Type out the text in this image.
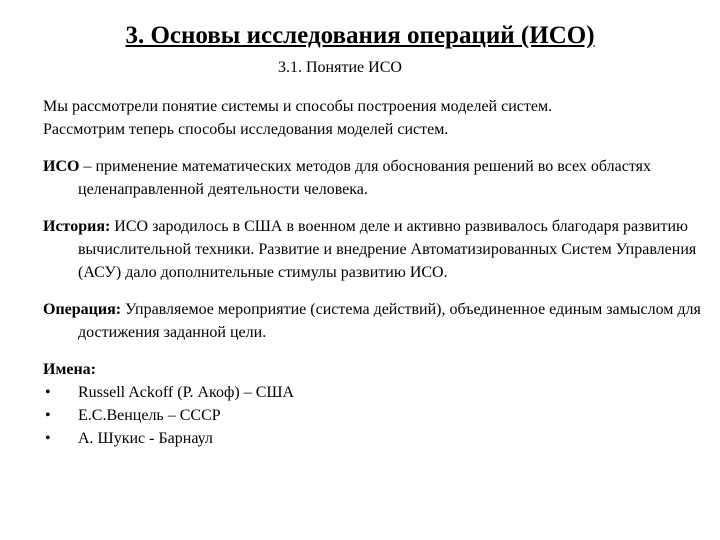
3. Основы исследования операций (ИСО)
3.1. Понятие ИСО

Мы рассмотрели понятие системы и способы построения моделей систем.
Рассмотрим теперь способы исследования моделей систем.

ИСО – применение математических методов для обоснования решений во всех областях целенаправленной деятельности человека.

История: ИСО зародилось в США в военном деле и активно развивалось благодаря развитию вычислительной техники. Развитие и внедрение Автоматизированных Систем Управления (АСУ) дало дополнительные стимулы развитию ИСО.

Операция: Управляемое мероприятие (система действий), объединенное единым замыслом для достижения заданной цели.

Имена:
• Russell Ackoff (Р. Акоф) – США
• Е.С.Венцель – СССР
• А. Шукис - Барнаул
